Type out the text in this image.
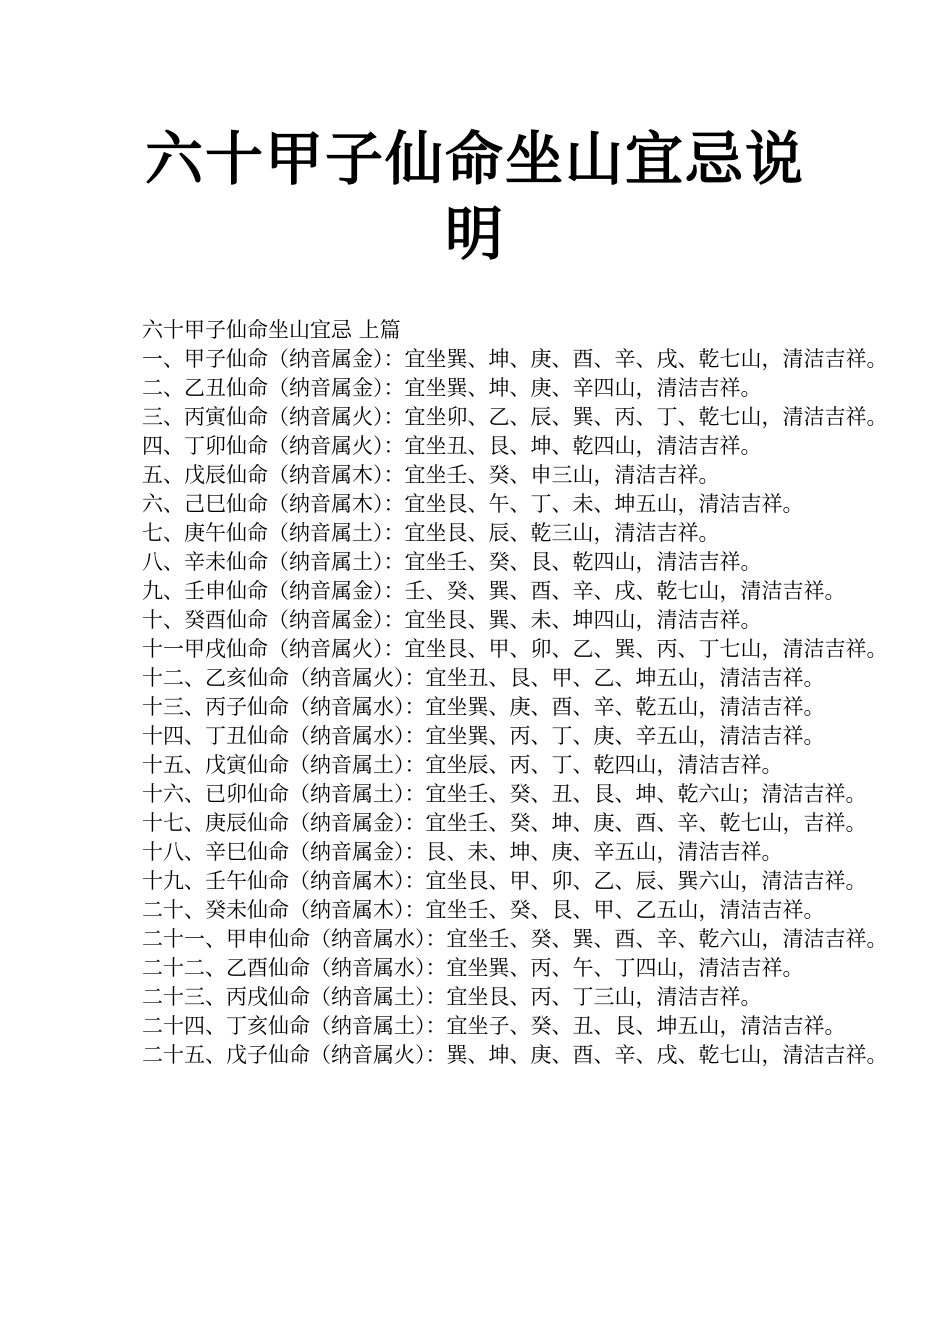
六十甲子仙命坐山宜忌说
明
六十甲子仙命坐山宜忌 上篇
一、甲子仙命（纳音属金）：宜坐巽、坤、庚、酉、辛、戌、乾七山，清洁吉祥。
二、乙丑仙命（纳音属金）：宜坐巽、坤、庚、辛四山，清洁吉祥。
三、丙寅仙命（纳音属火）：宜坐卯、乙、辰、巽、丙、丁、乾七山，清洁吉祥。
四、丁卯仙命（纳音属火）：宜坐丑、艮、坤、乾四山，清洁吉祥。
五、戊辰仙命（纳音属木）：宜坐壬、癸、申三山，清洁吉祥。
六、己巳仙命（纳音属木）：宜坐艮、午、丁、未、坤五山，清洁吉祥。
七、庚午仙命（纳音属土）：宜坐艮、辰、乾三山，清洁吉祥。
八、辛未仙命（纳音属土）：宜坐壬、癸、艮、乾四山，清洁吉祥。
九、壬申仙命（纳音属金）：壬、癸、巽、酉、辛、戌、乾七山，清洁吉祥。
十、癸酉仙命（纳音属金）：宜坐艮、巽、未、坤四山，清洁吉祥。
十一甲戌仙命（纳音属火）：宜坐艮、甲、卯、乙、巽、丙、丁七山，清洁吉祥。
十二、乙亥仙命（纳音属火）：宜坐丑、艮、甲、乙、坤五山，清洁吉祥。
十三、丙子仙命（纳音属水）：宜坐巽、庚、酉、辛、乾五山，清洁吉祥。
十四、丁丑仙命（纳音属水）：宜坐巽、丙、丁、庚、辛五山，清洁吉祥。
十五、戊寅仙命（纳音属土）：宜坐辰、丙、丁、乾四山，清洁吉祥。
十六、已卯仙命（纳音属土）：宜坐壬、癸、丑、艮、坤、乾六山；清洁吉祥。
十七、庚辰仙命（纳音属金）：宜坐壬、癸、坤、庚、酉、辛、乾七山，吉祥。
十八、辛巳仙命（纳音属金）：艮、未、坤、庚、辛五山，清洁吉祥。
十九、壬午仙命（纳音属木）：宜坐艮、甲、卯、乙、辰、巽六山，清洁吉祥。
二十、癸未仙命（纳音属木）：宜坐壬、癸、艮、甲、乙五山，清洁吉祥。
二十一、甲申仙命（纳音属水）：宜坐壬、癸、巽、酉、辛、乾六山，清洁吉祥。
二十二、乙酉仙命（纳音属水）：宜坐巽、丙、午、丁四山，清洁吉祥。
二十三、丙戌仙命（纳音属土）：宜坐艮、丙、丁三山，清洁吉祥。
二十四、丁亥仙命（纳音属土）：宜坐子、癸、丑、艮、坤五山，清洁吉祥。
二十五、戊子仙命（纳音属火）：巽、坤、庚、酉、辛、戌、乾七山，清洁吉祥。
